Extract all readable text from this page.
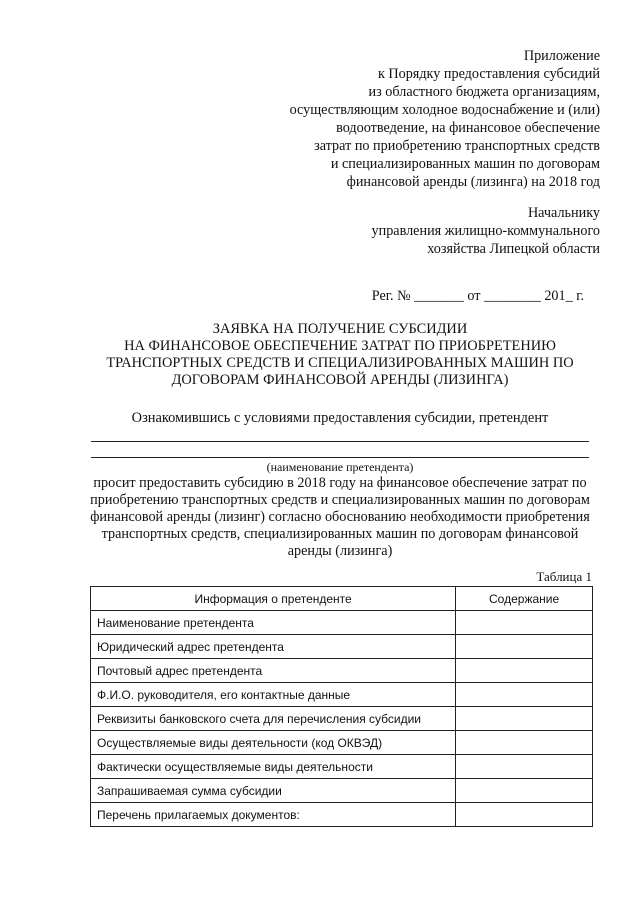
Приложение
к Порядку предоставления субсидий
из областного бюджета организациям,
осуществляющим холодное водоснабжение и (или)
водоотведение, на финансовое обеспечение
затрат по приобретению транспортных средств
и специализированных машин по договорам
финансовой аренды (лизинга) на 2018 год
Начальнику
управления жилищно-коммунального
хозяйства Липецкой области
Рег. № _______ от ________ 201_ г.
ЗАЯВКА НА ПОЛУЧЕНИЕ СУБСИДИИ
НА ФИНАНСОВОЕ ОБЕСПЕЧЕНИЕ ЗАТРАТ ПО ПРИОБРЕТЕНИЮ
ТРАНСПОРТНЫХ СРЕДСТВ И СПЕЦИАЛИЗИРОВАННЫХ МАШИН ПО
ДОГОВОРАМ ФИНАНСОВОЙ АРЕНДЫ (ЛИЗИНГА)
Ознакомившись с условиями предоставления субсидии, претендент
(наименование претендента)
просит предоставить субсидию в 2018 году на финансовое обеспечение затрат по
приобретению транспортных средств и специализированных машин по договорам
финансовой аренды (лизинг) согласно обоснованию необходимости приобретения
транспортных средств, специализированных машин по договорам финансовой
аренды (лизинга)
Таблица 1
Информация о претенденте	Содержание
Наименование претендента	
Юридический адрес претендента	
Почтовый адрес претендента	
Ф.И.О. руководителя, его контактные данные	
Реквизиты банковского счета для перечисления субсидии	
Осуществляемые виды деятельности (код ОКВЭД)	
Фактически осуществляемые виды деятельности	
Запрашиваемая сумма субсидии	
Перечень прилагаемых документов:	
